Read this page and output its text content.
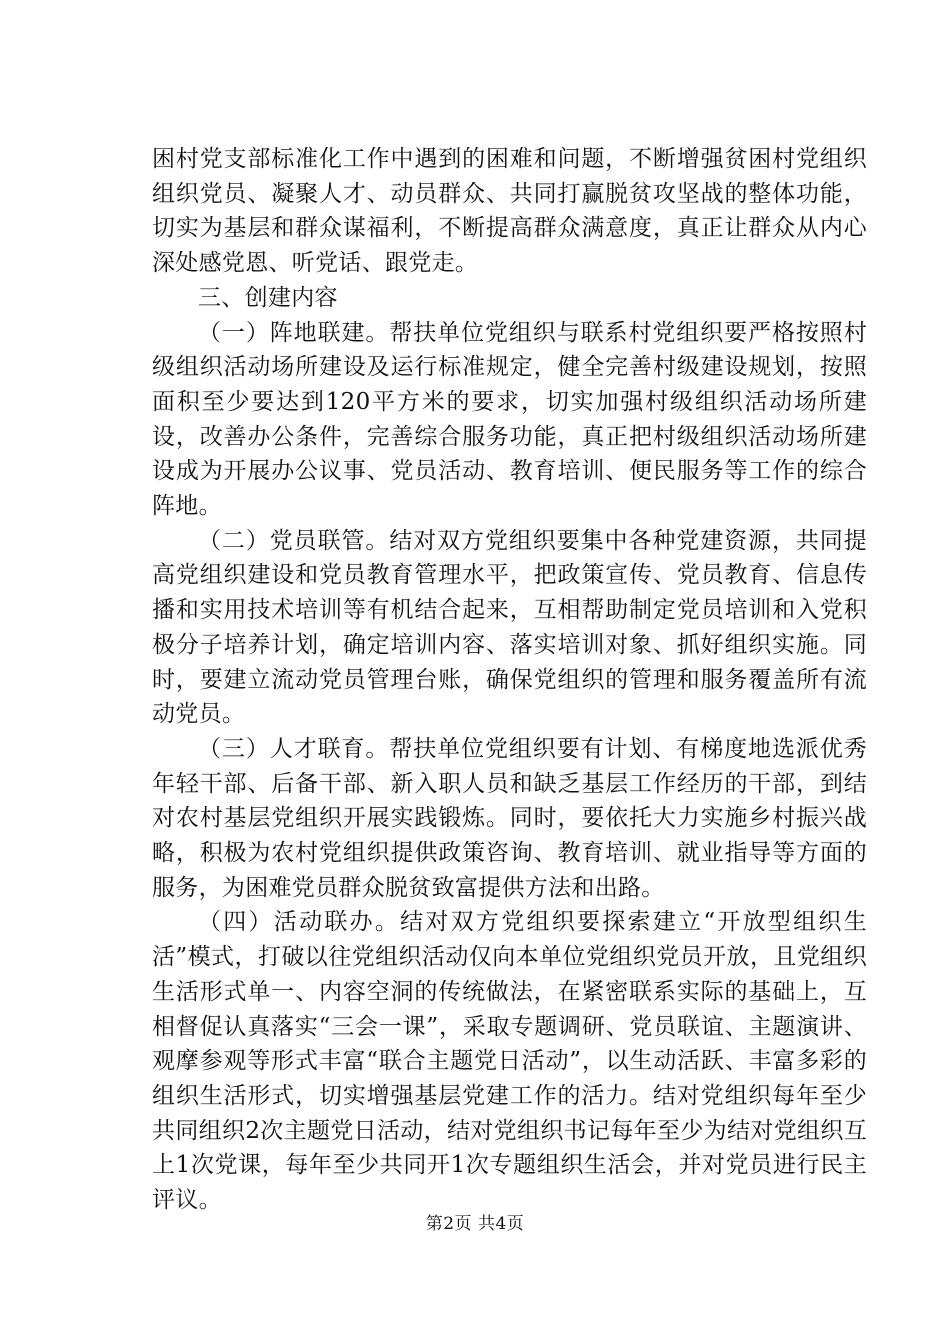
困村党支部标准化工作中遇到的困难和问题，不断增强贫困村党组织组织党员、凝聚人才、动员群众、共同打赢脱贫攻坚战的整体功能，切实为基层和群众谋福利，不断提高群众满意度，真正让群众从内心深处感党恩、听党话、跟党走。

三、创建内容

（一）阵地联建。帮扶单位党组织与联系村党组织要严格按照村级组织活动场所建设及运行标准规定，健全完善村级建设规划，按照面积至少要达到120平方米的要求，切实加强村级组织活动场所建设，改善办公条件，完善综合服务功能，真正把村级组织活动场所建设成为开展办公议事、党员活动、教育培训、便民服务等工作的综合阵地。

（二）党员联管。结对双方党组织要集中各种党建资源，共同提高党组织建设和党员教育管理水平，把政策宣传、党员教育、信息传播和实用技术培训等有机结合起来，互相帮助制定党员培训和入党积极分子培养计划，确定培训内容、落实培训对象、抓好组织实施。同时，要建立流动党员管理台账，确保党组织的管理和服务覆盖所有流动党员。

（三）人才联育。帮扶单位党组织要有计划、有梯度地选派优秀年轻干部、后备干部、新入职人员和缺乏基层工作经历的干部，到结对农村基层党组织开展实践锻炼。同时，要依托大力实施乡村振兴战略，积极为农村党组织提供政策咨询、教育培训、就业指导等方面的服务，为困难党员群众脱贫致富提供方法和出路。

（四）活动联办。结对双方党组织要探索建立“开放型组织生活”模式，打破以往党组织活动仅向本单位党组织党员开放，且党组织生活形式单一、内容空洞的传统做法，在紧密联系实际的基础上，互相督促认真落实“三会一课”，采取专题调研、党员联谊、主题演讲、观摩参观等形式丰富“联合主题党日活动”，以生动活跃、丰富多彩的组织生活形式，切实增强基层党建工作的活力。结对党组织每年至少共同组织2次主题党日活动，结对党组织书记每年至少为结对党组织互上1次党课，每年至少共同开1次专题组织生活会，并对党员进行民主评议。

第2页 共4页
